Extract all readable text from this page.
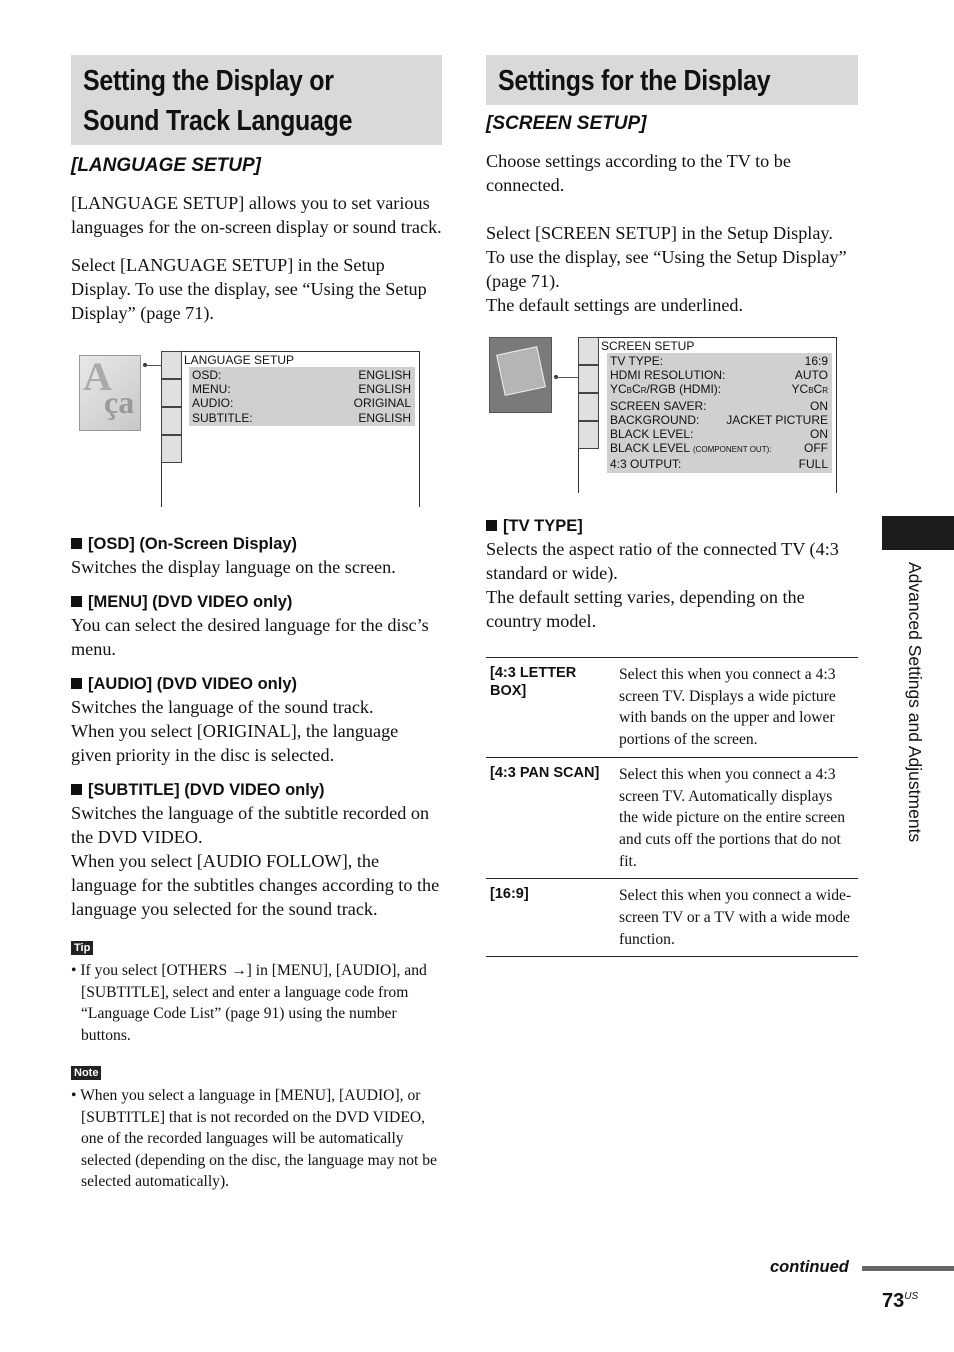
Setting the Display or
Sound Track Language
[LANGUAGE SETUP]

[LANGUAGE SETUP] allows you to set various languages for the on-screen display or sound track.

Select [LANGUAGE SETUP] in the Setup Display. To use the display, see “Using the Setup Display” (page 71).

A
ça
LANGUAGE SETUP
OSD:	ENGLISH
MENU:	ENGLISH
AUDIO:	ORIGINAL
SUBTITLE:	ENGLISH
[OSD] (On-Screen Display)

Switches the display language on the screen.

[MENU] (DVD VIDEO only)

You can select the desired language for the disc’s menu.

[AUDIO] (DVD VIDEO only)

Switches the language of the sound track.

When you select [ORIGINAL], the language given priority in the disc is selected.

[SUBTITLE] (DVD VIDEO only)

Switches the language of the subtitle recorded on the DVD VIDEO.

When you select [AUDIO FOLLOW], the language for the subtitles changes according to the language you selected for the sound track.

Tip

• If you select [OTHERS →] in [MENU], [AUDIO], and [SUBTITLE], select and enter a language code from “Language Code List” (page 91) using the number buttons.

Note

• When you select a language in [MENU], [AUDIO], or [SUBTITLE] that is not recorded on the DVD VIDEO, one of the recorded languages will be automatically selected (depending on the disc, the language may not be selected automatically).

Settings for the Display
[SCREEN SETUP]

Choose settings according to the TV to be connected.

Select [SCREEN SETUP] in the Setup Display.

To use the display, see “Using the Setup Display” (page 71).

The default settings are underlined.

SCREEN SETUP
TV TYPE:	16:9
HDMI RESOLUTION:	AUTO
YCBCR/RGB (HDMI):	YCBCR
SCREEN SAVER:	ON
BACKGROUND: JACKET PICTURE
BLACK LEVEL:	ON
BLACK LEVEL (COMPONENT OUT):	OFF
4:3 OUTPUT:	FULL
[TV TYPE]

Selects the aspect ratio of the connected TV (4:3 standard or wide).

The default setting varies, depending on the country model.

[4:3 LETTER BOX]
Select this when you connect a 4:3 screen TV. Displays a wide picture with bands on the upper and lower portions of the screen.
[4:3 PAN SCAN]	Select this when you connect a 4:3 screen TV. Automatically displays the wide picture on the entire screen and cuts off the portions that do not fit.
[16:9]	Select this when you connect a wide-screen TV or a TV with a wide mode function.
Advanced Settings and Adjustments
continued
$73^{US}$
